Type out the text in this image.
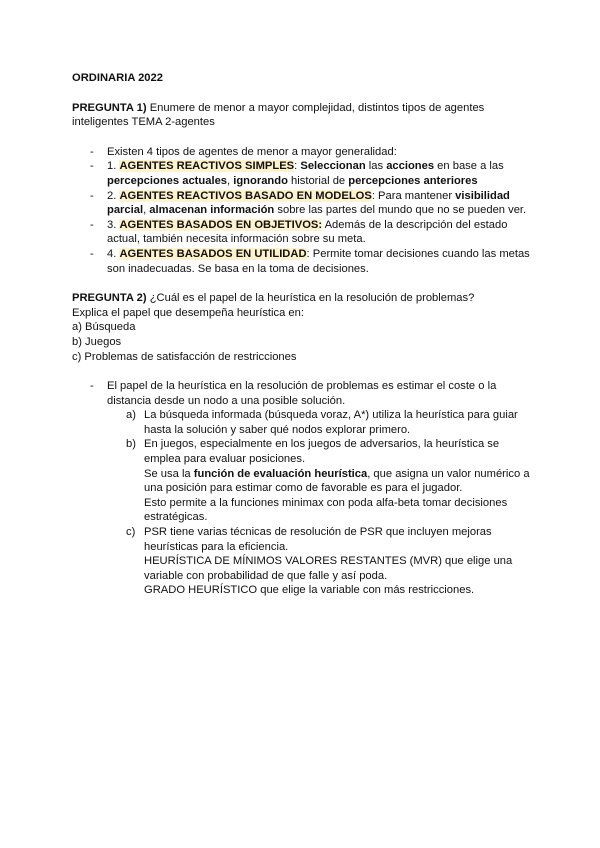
ORDINARIA 2022

PREGUNTA 1) Enumere de menor a mayor complejidad, distintos tipos de agentes inteligentes TEMA 2-agentes

- Existen 4 tipos de agentes de menor a mayor generalidad:
- 1. AGENTES REACTIVOS SIMPLES: Seleccionan las acciones en base a las percepciones actuales, ignorando historial de percepciones anteriores
- 2. AGENTES REACTIVOS BASADO EN MODELOS: Para mantener visibilidad parcial, almacenan información sobre las partes del mundo que no se pueden ver.
- 3. AGENTES BASADOS EN OBJETIVOS: Además de la descripción del estado actual, también necesita información sobre su meta.
- 4. AGENTES BASADOS EN UTILIDAD: Permite tomar decisiones cuando las metas son inadecuadas. Se basa en la toma de decisiones.

PREGUNTA 2) ¿Cuál es el papel de la heurística en la resolución de problemas?

Explica el papel que desempeña heurística en:

a) Búsqueda

b) Juegos

c) Problemas de satisfacción de restricciones

- El papel de la heurística en la resolución de problemas es estimar el coste o la distancia desde un nodo a una posible solución.
a) La búsqueda informada (búsqueda voraz, A*) utiliza la heurística para guiar hasta la solución y saber qué nodos explorar primero.
b) En juegos, especialmente en los juegos de adversarios, la heurística se emplea para evaluar posiciones.
Se usa la función de evaluación heurística, que asigna un valor numérico a una posición para estimar como de favorable es para el jugador.
Esto permite a la funciones minimax con poda alfa-beta tomar decisiones estratégicas.
c) PSR tiene varias técnicas de resolución de PSR que incluyen mejoras heurísticas para la eficiencia.
HEURÍSTICA DE MÍNIMOS VALORES RESTANTES (MVR) que elige una variable con probabilidad de que falle y así poda.
GRADO HEURÍSTICO que elige la variable con más restricciones.
